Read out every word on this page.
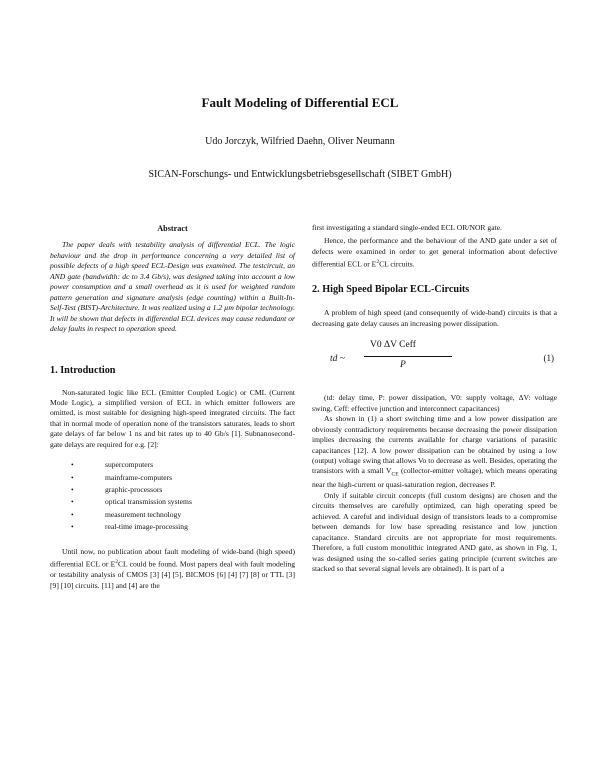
Fault Modeling of Differential ECL
Udo Jorczyk, Wilfried Daehn, Oliver Neumann
SICAN-Forschungs- und Entwicklungsbetriebsgesellschaft (SIBET GmbH)
Abstract

The paper deals with testability analysis of differential ECL. The logic behaviour and the drop in performance concerning a very detailed list of possible defects of a high speed ECL-Design was examined. The testcircuit, an AND gate (bandwidth: dc to 3.4 Gb/s), was designed taking into account a low power consumption and a small overhead as it is used for weighted random pattern generation and signature analysis (edge counting) within a Built-In-Self-Test (BIST)-Architecture. It was realized using a 1.2 µm bipolar technology. It will be shown that defects in differential ECL devices may cause redundant or delay faults in respect to operation speed.

1. Introduction

Non-saturated logic like ECL (Emitter Coupled Logic) or CML (Current Mode Logic), a simplified version of ECL in which emitter followers are omitted, is most suitable for designing high-speed integrated circuits. The fact that in normal mode of operation none of the transistors saturates, leads to short gate delays of far below 1 ns and bit rates up to 40 Gb/s [1]. Subnanosecond-gate delays are required for e.g. [2]:

•	supercomputers
•	mainframe-computers
•	graphic-processors
•	optical transmission systems
•	measurement technology
•	real-time image-processing

Until now, no publication about fault modeling of wide-band (high speed) differential ECL or $E^2CL$ could be found. Most papers deal with fault modeling or testability analysis of CMOS [3] [4] [5], BICMOS [6] [4] [7] [8] or TTL [3] [9] [10] circuits. [11] and [4] are the

first investigating a standard single-ended ECL OR/NOR gate.

Hence, the performance and the behaviour of the AND gate under a set of defects were examined in order to get general information about defective differential ECL or $E^2CL$ circuits.

2. High Speed Bipolar ECL-Circuits

A problem of high speed (and consequently of wide-band) circuits is that a decreasing gate delay causes an increasing power dissipation.

td ~
V0 ΔV Ceff
P
(1)

(td: delay time, P: power dissipation, V0: supply voltage, ΔV: voltage swing, Ceff: effective junction and interconnect capacitances)

As shown in (1) a short switching time and a low power dissipation are obviously contradictory requirements because decreasing the power dissipation implies decreasing the currents available for charge variations of parasitic capacitances [12]. A low power dissipation can be obtained by using a low (output) voltage swing that allows Vo to decrease as well. Besides, operating the transistors with a small $V_{CE}$ (collector-emitter voltage), which means operating near the high-current or quasi-saturation region, decreases P.

Only if suitable circuit concepts (full custom designs) are chosen and the circuits themselves are carefully optimized, can high operating speed be achieved. A careful and individual design of transistors leads to a compromise between demands for low base spreading resistance and low junction capacitance. Standard circuits are not appropriate for most requirements. Therefore, a full custom monolithic integrated AND gate, as shown in Fig. 1, was designed using the so-called series gating principle (current switches are stacked so that several signal levels are obtained). It is part of a
